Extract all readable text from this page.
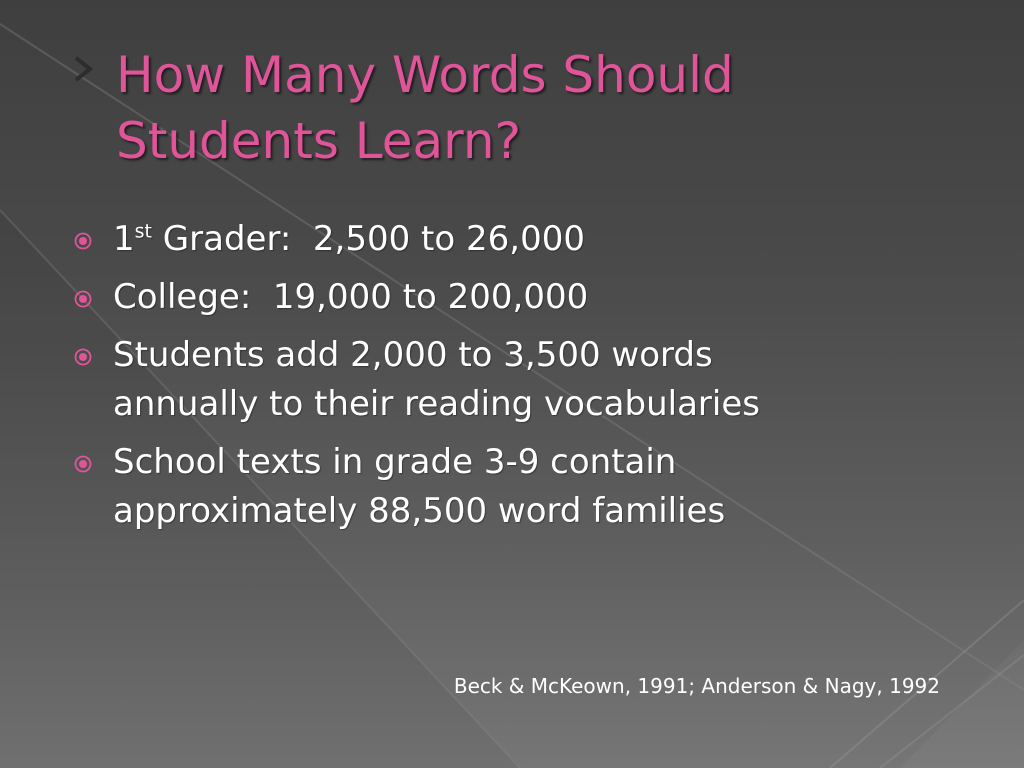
How Many Words Should
Students Learn?
1st Grader:  2,500 to 26,000
College:  19,000 to 200,000
Students add 2,000 to 3,500 words
annually to their reading vocabularies
School texts in grade 3-9 contain
approximately 88,500 word families

Beck & McKeown, 1991; Anderson & Nagy, 1992
